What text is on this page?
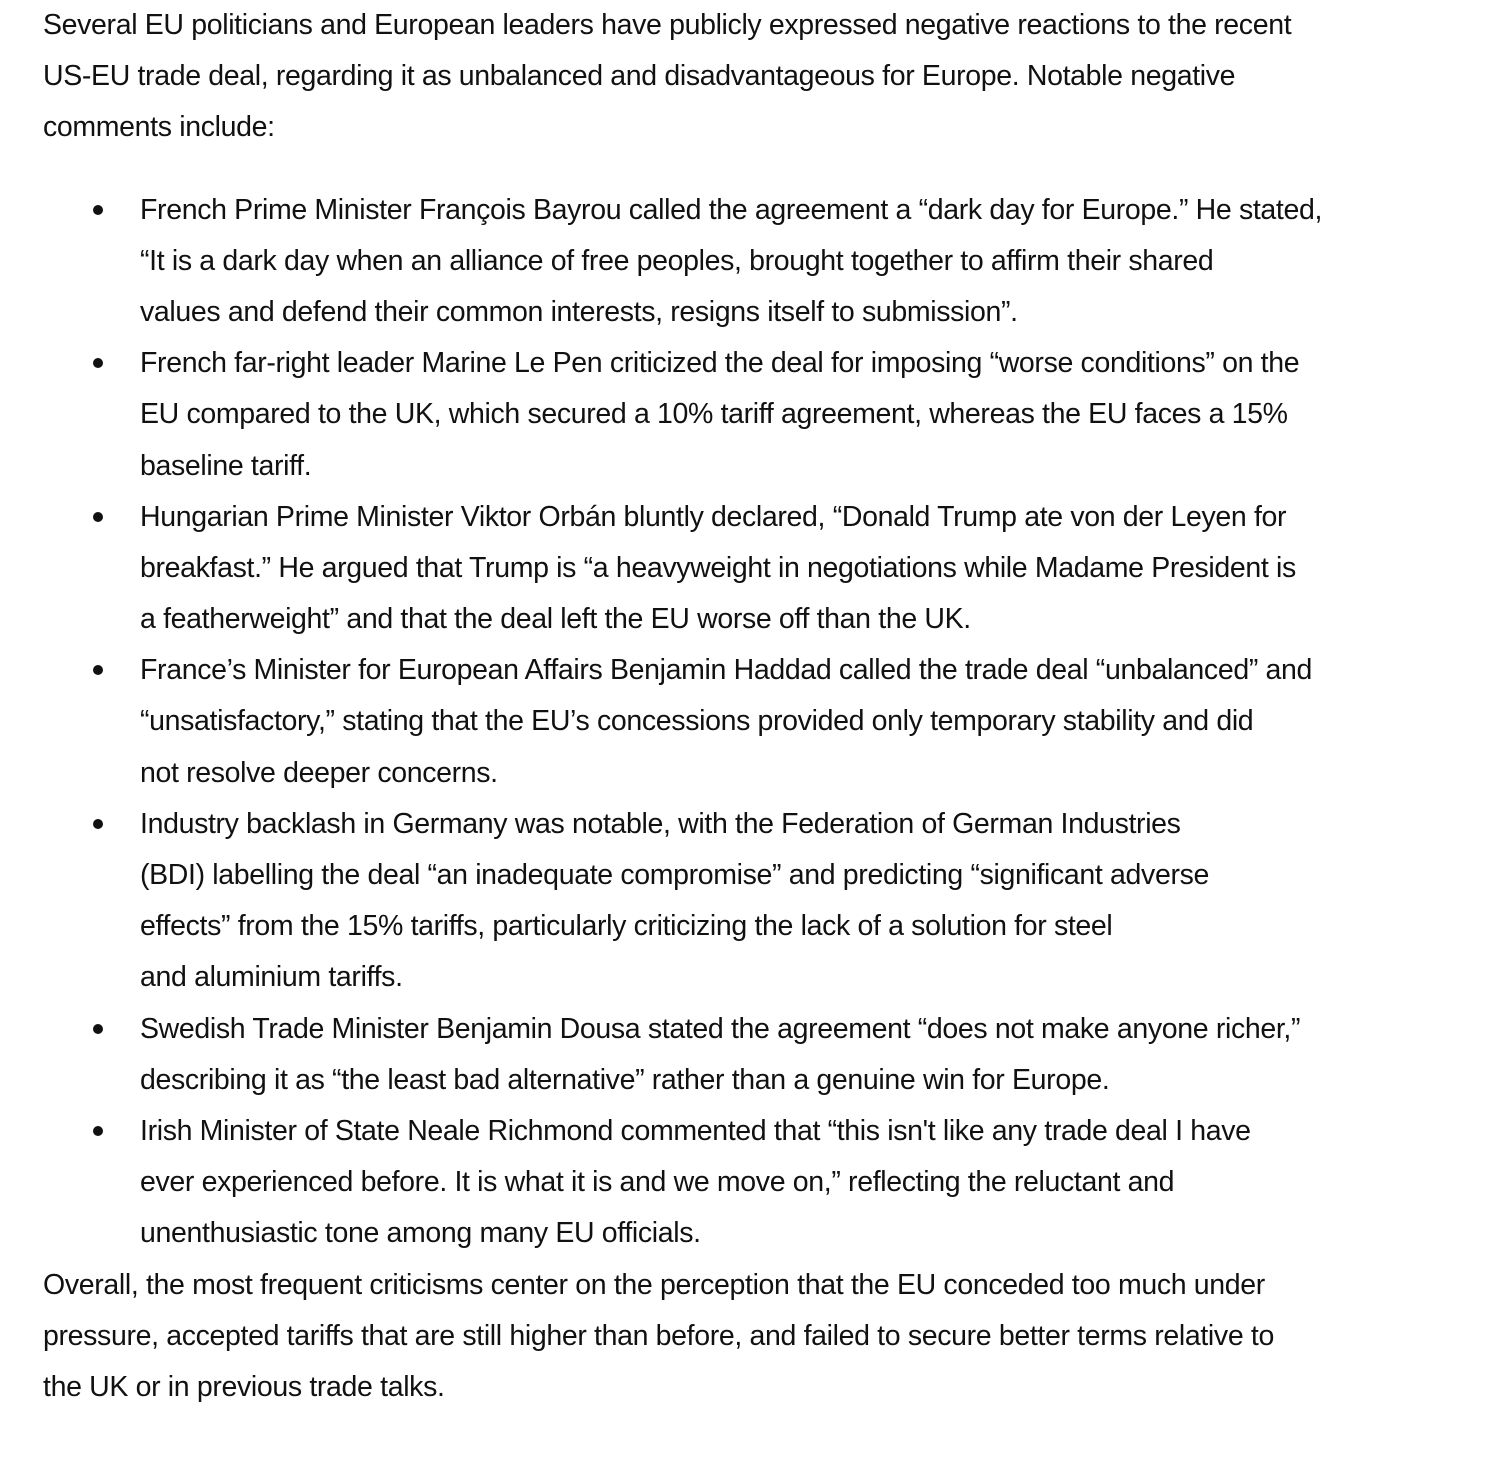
Several EU politicians and European leaders have publicly expressed negative reactions to the recent
US-EU trade deal, regarding it as unbalanced and disadvantageous for Europe. Notable negative
comments include:

French Prime Minister François Bayrou called the agreement a “dark day for Europe.” He stated,
“It is a dark day when an alliance of free peoples, brought together to affirm their shared
values and defend their common interests, resigns itself to submission”.
French far-right leader Marine Le Pen criticized the deal for imposing “worse conditions” on the
EU compared to the UK, which secured a 10% tariff agreement, whereas the EU faces a 15%
baseline tariff.
Hungarian Prime Minister Viktor Orbán bluntly declared, “Donald Trump ate von der Leyen for
breakfast.” He argued that Trump is “a heavyweight in negotiations while Madame President is
a featherweight” and that the deal left the EU worse off than the UK.
France’s Minister for European Affairs Benjamin Haddad called the trade deal “unbalanced” and
“unsatisfactory,” stating that the EU’s concessions provided only temporary stability and did
not resolve deeper concerns.
Industry backlash in Germany was notable, with the Federation of German Industries
(BDI) labelling the deal “an inadequate compromise” and predicting “significant adverse
effects” from the 15% tariffs, particularly criticizing the lack of a solution for steel
and aluminium tariffs.
Swedish Trade Minister Benjamin Dousa stated the agreement “does not make anyone richer,”
describing it as “the least bad alternative” rather than a genuine win for Europe.
Irish Minister of State Neale Richmond commented that “this isn't like any trade deal I have
ever experienced before. It is what it is and we move on,” reflecting the reluctant and
unenthusiastic tone among many EU officials.

Overall, the most frequent criticisms center on the perception that the EU conceded too much under
pressure, accepted tariffs that are still higher than before, and failed to secure better terms relative to
the UK or in previous trade talks.
